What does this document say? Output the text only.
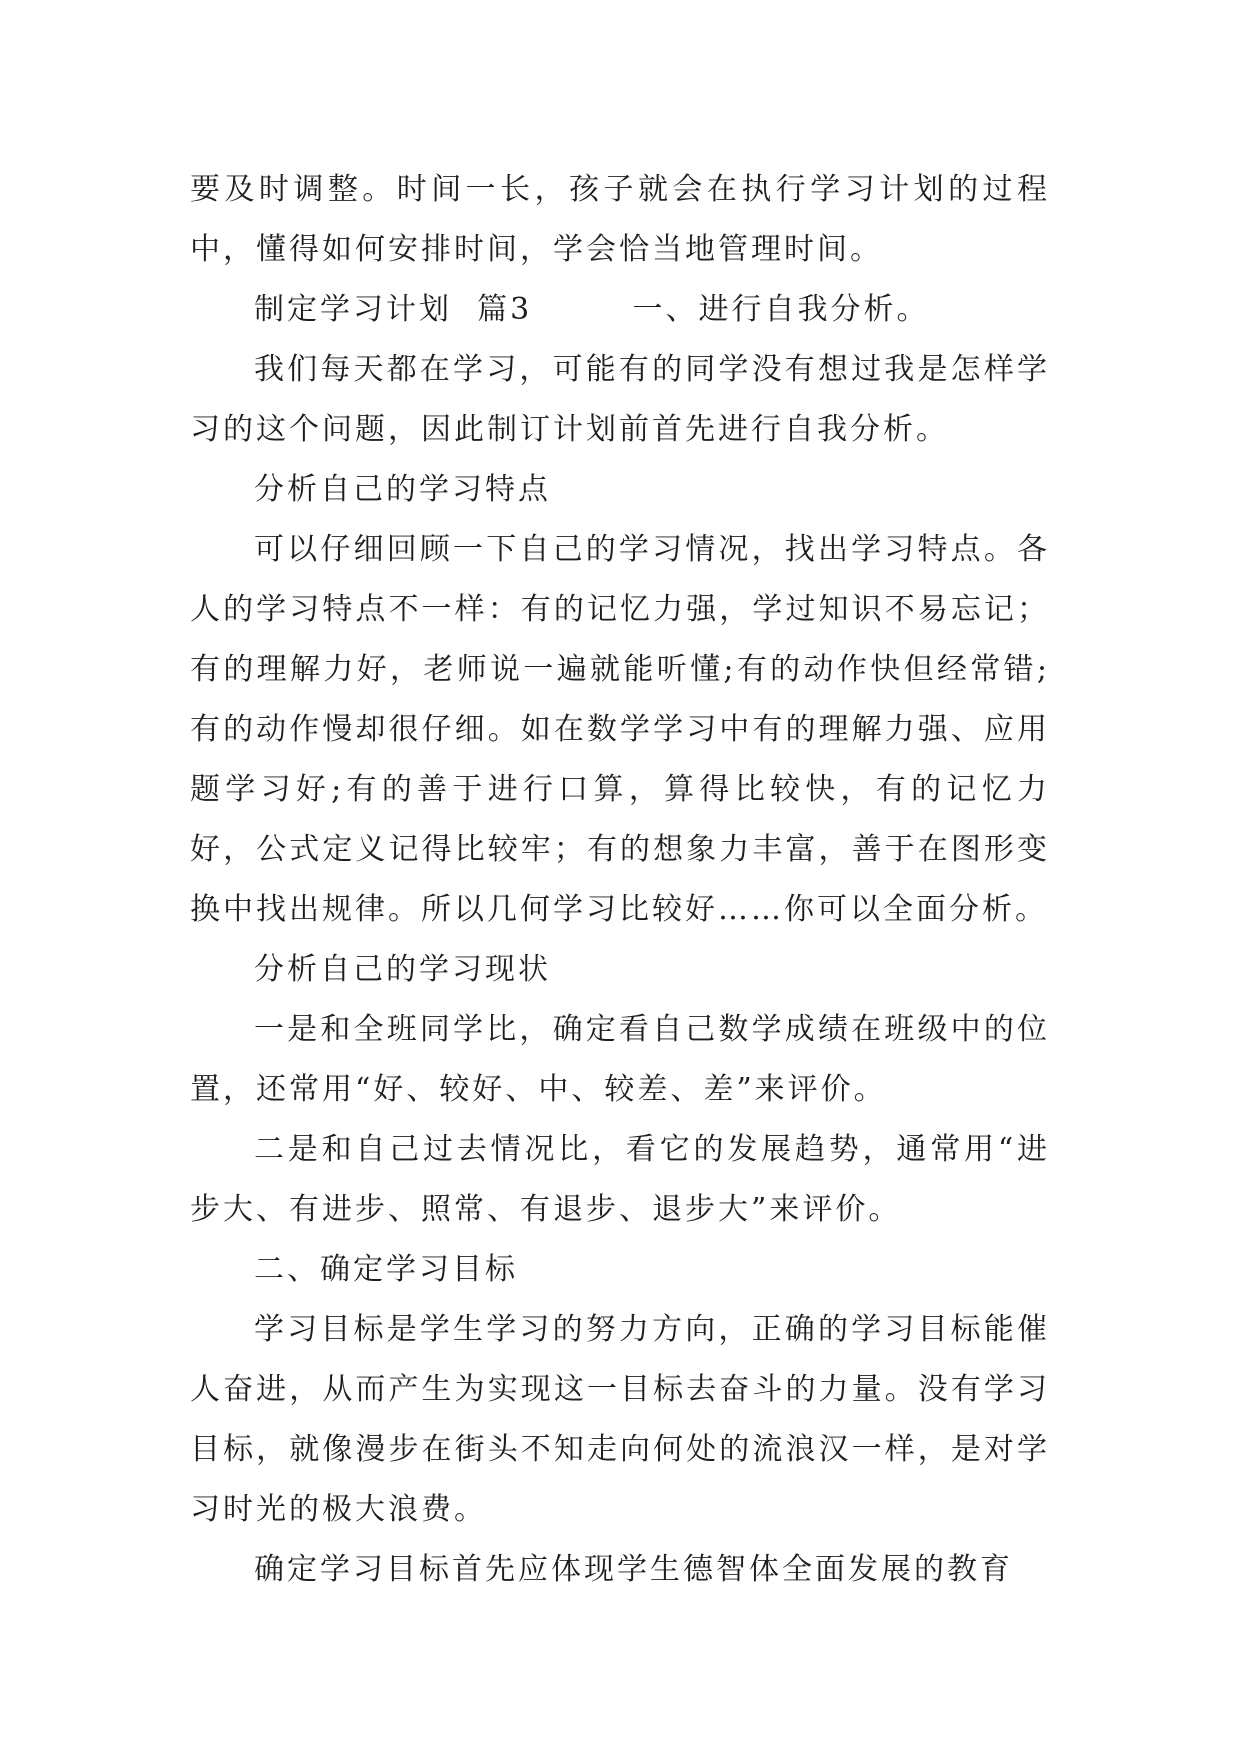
要及时调整。时间一长，孩子就会在执行学习计划的过程中，懂得如何安排时间，学会恰当地管理时间。

制定学习计划  篇3        一、进行自我分析。

我们每天都在学习，可能有的同学没有想过我是怎样学习的这个问题，因此制订计划前首先进行自我分析。

分析自己的学习特点

可以仔细回顾一下自己的学习情况，找出学习特点。各人的学习特点不一样：有的记忆力强，学过知识不易忘记；有的理解力好，老师说一遍就能听懂;有的动作快但经常错;有的动作慢却很仔细。如在数学学习中有的理解力强、应用题学习好;有的善于进行口算，算得比较快，有的记忆力好，公式定义记得比较牢；有的想象力丰富，善于在图形变换中找出规律。所以几何学习比较好……你可以全面分析。

分析自己的学习现状

一是和全班同学比，确定看自己数学成绩在班级中的位置，还常用“好、较好、中、较差、差”来评价。

二是和自己过去情况比，看它的发展趋势，通常用“进步大、有进步、照常、有退步、退步大”来评价。

二、确定学习目标

学习目标是学生学习的努力方向，正确的学习目标能催人奋进，从而产生为实现这一目标去奋斗的力量。没有学习目标，就像漫步在街头不知走向何处的流浪汉一样，是对学习时光的极大浪费。

确定学习目标首先应体现学生德智体全面发展的教育
